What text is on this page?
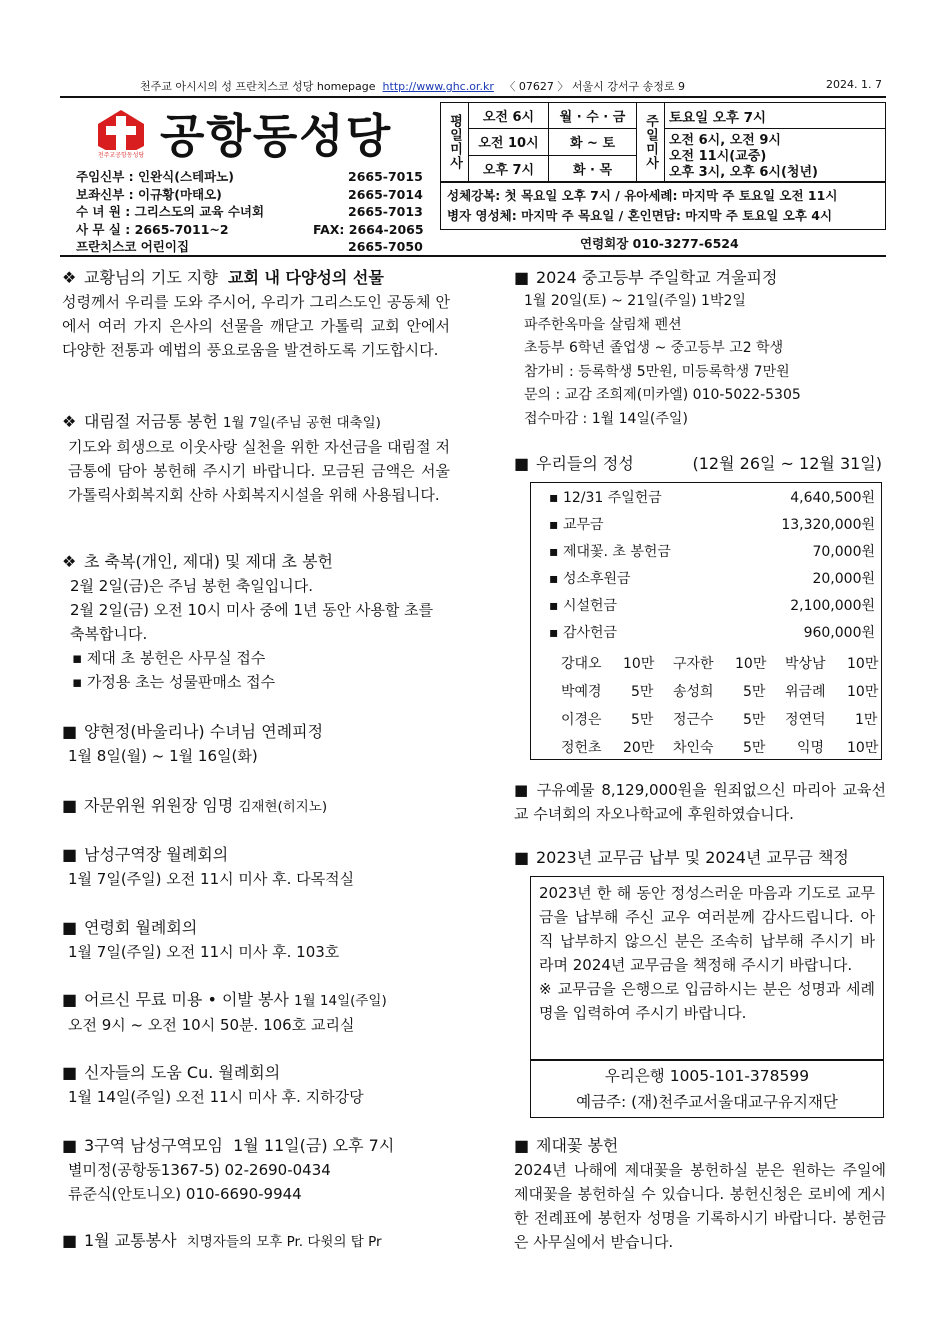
천주교 아시시의 성 프란치스코 성당 homepage http://www.ghc.or.kr 〈 07627 〉 서울시 강서구 송정로 9	2024. 1. 7
천주교공항동성당 공항동성당
주임신부 : 인완식(스테파노)	2665-7015
보좌신부 : 이규황(마태오)	2665-7014
수 녀 원 : 그리스도의 교육 수녀회	2665-7013
사 무 실 : 2665-7011~2	FAX: 2664-2065
프란치스코 어린이집	2665-7050
평일미사	오전 6시	월 · 수 · 금	주일미사	토요일 오후 7시
	오전 10시	화 ~ 토		오전 6시, 오전 9시
오전 11시(교중)
오후 3시, 오후 6시(청년)

	오후 7시	화 · 목		
성체강복: 첫 목요일 오후 7시 / 유아세례: 마지막 주 토요일 오전 11시
병자 영성체: 마지막 주 목요일 / 혼인면담: 마지막 주 토요일 오후 4시
연령회장 010-3277-6524
❖ 교황님의 기도 지향 교회 내 다양성의 선물
성령께서 우리를 도와 주시어, 우리가 그리스도인 공동체 안에서 여러 가지 은사의 선물을 깨닫고 가톨릭 교회 안에서 다양한 전통과 예법의 풍요로움을 발견하도록 기도합시다.
❖ 대림절 저금통 봉헌 1월 7일(주님 공현 대축일)
기도와 희생으로 이웃사랑 실천을 위한 자선금을 대림절 저금통에 담아 봉헌해 주시기 바랍니다. 모금된 금액은 서울가톨릭사회복지회 산하 사회복지시설을 위해 사용됩니다.
❖ 초 축복(개인, 제대) 및 제대 초 봉헌
2월 2일(금)은 주님 봉헌 축일입니다.
2월 2일(금) 오전 10시 미사 중에 1년 동안 사용할 초를 축복합니다.
▪ 제대 초 봉헌은 사무실 접수
▪ 가정용 초는 성물판매소 접수
■ 양현정(바울리나) 수녀님 연례피정
1월 8일(월) ~ 1월 16일(화)
■ 자문위원 위원장 임명 김재현(히지노)
■ 남성구역장 월례회의
1월 7일(주일) 오전 11시 미사 후. 다목적실
■ 연령회 월례회의
1월 7일(주일) 오전 11시 미사 후. 103호
■ 어르신 무료 미용 • 이발 봉사 1월 14일(주일)
오전 9시 ~ 오전 10시 50분. 106호 교리실
■ 신자들의 도움 Cu. 월례회의
1월 14일(주일) 오전 11시 미사 후. 지하강당
■ 3구역 남성구역모임 1월 11일(금) 오후 7시
별미정(공항동1367-5) 02-2690-0434
류준식(안토니오) 010-6690-9944
■ 1월 교통봉사 치명자들의 모후 Pr. 다윗의 탑 Pr
■ 2024 중고등부 주일학교 겨울피정
1월 20일(토) ~ 21일(주일) 1박2일
파주한옥마을 살림채 펜션
초등부 6학년 졸업생 ~ 중고등부 고2 학생
참가비 : 등록학생 5만원, 미등록학생 7만원
문의 : 교감 조희제(미카엘) 010-5022-5305
접수마감 : 1월 14일(주일)
■ 우리들의 정성	(12월 26일 ~ 12월 31일)
▪ 12/31 주일헌금	4,640,500원
▪ 교무금	13,320,000원
▪ 제대꽃. 초 봉헌금	70,000원
▪ 성소후원금	20,000원
▪ 시설헌금	2,100,000원
▪ 감사헌금	960,000원
강대오 10만 구자한 10만 박상남 10만
박예경 5만 송성희 5만 위금례 10만
이경은 5만 정근수 5만 정연덕 1만
정헌초 20만 차인숙 5만 익명 10만
■ 구유예물 8,129,000원을 원죄없으신 마리아 교육선교 수녀회의 자오나학교에 후원하였습니다.
■ 2023년 교무금 납부 및 2024년 교무금 책정
2023년 한 해 동안 정성스러운 마음과 기도로 교무금을 납부해 주신 교우 여러분께 감사드립니다. 아직 납부하지 않으신 분은 조속히 납부해 주시기 바라며 2024년 교무금을 책정해 주시기 바랍니다.
※ 교무금을 은행으로 입금하시는 분은 성명과 세례명을 입력하여 주시기 바랍니다.
우리은행 1005-101-378599
예금주: (재)천주교서울대교구유지재단
■ 제대꽃 봉헌
2024년 나해에 제대꽃을 봉헌하실 분은 원하는 주일에 제대꽃을 봉헌하실 수 있습니다. 봉헌신청은 로비에 게시한 전례표에 봉헌자 성명을 기록하시기 바랍니다. 봉헌금은 사무실에서 받습니다.
